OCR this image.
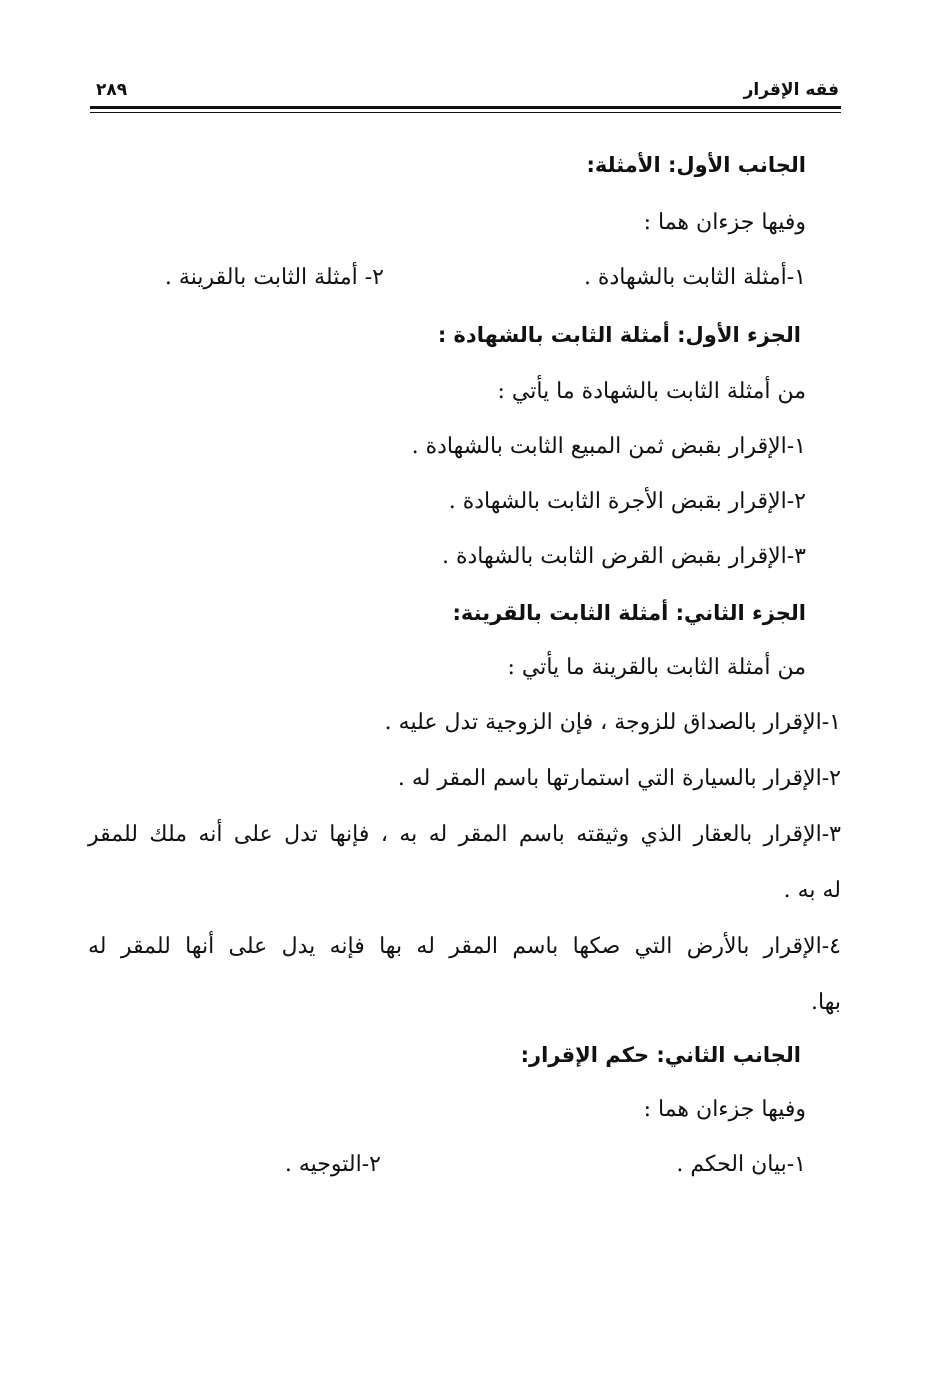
فقه الإقرار
٢٨٩
الجانب الأول: الأمثلة:
وفيها جزءان هما :
١-أمثلة الثابت بالشهادة .
٢- أمثلة الثابت بالقرينة .
الجزء الأول: أمثلة الثابت بالشهادة :
من أمثلة الثابت بالشهادة ما يأتي :
١-الإقرار بقبض ثمن المبيع الثابت بالشهادة .
٢-الإقرار بقبض الأجرة الثابت بالشهادة .
٣-الإقرار بقبض القرض الثابت بالشهادة .
الجزء الثاني: أمثلة الثابت بالقرينة:
من أمثلة الثابت بالقرينة ما يأتي :
١-الإقرار بالصداق للزوجة ، فإن الزوجية تدل عليه .
٢-الإقرار بالسيارة التي استمارتها باسم المقر له .
٣-الإقرار بالعقار الذي وثيقته باسم المقر له به ، فإنها تدل على أنه ملك للمقر
له به .
٤-الإقرار بالأرض التي صكها باسم المقر له بها فإنه يدل على أنها للمقر له
بها.
الجانب الثاني: حكم الإقرار:
وفيها جزءان هما :
١-بيان الحكم .
٢-التوجيه .
